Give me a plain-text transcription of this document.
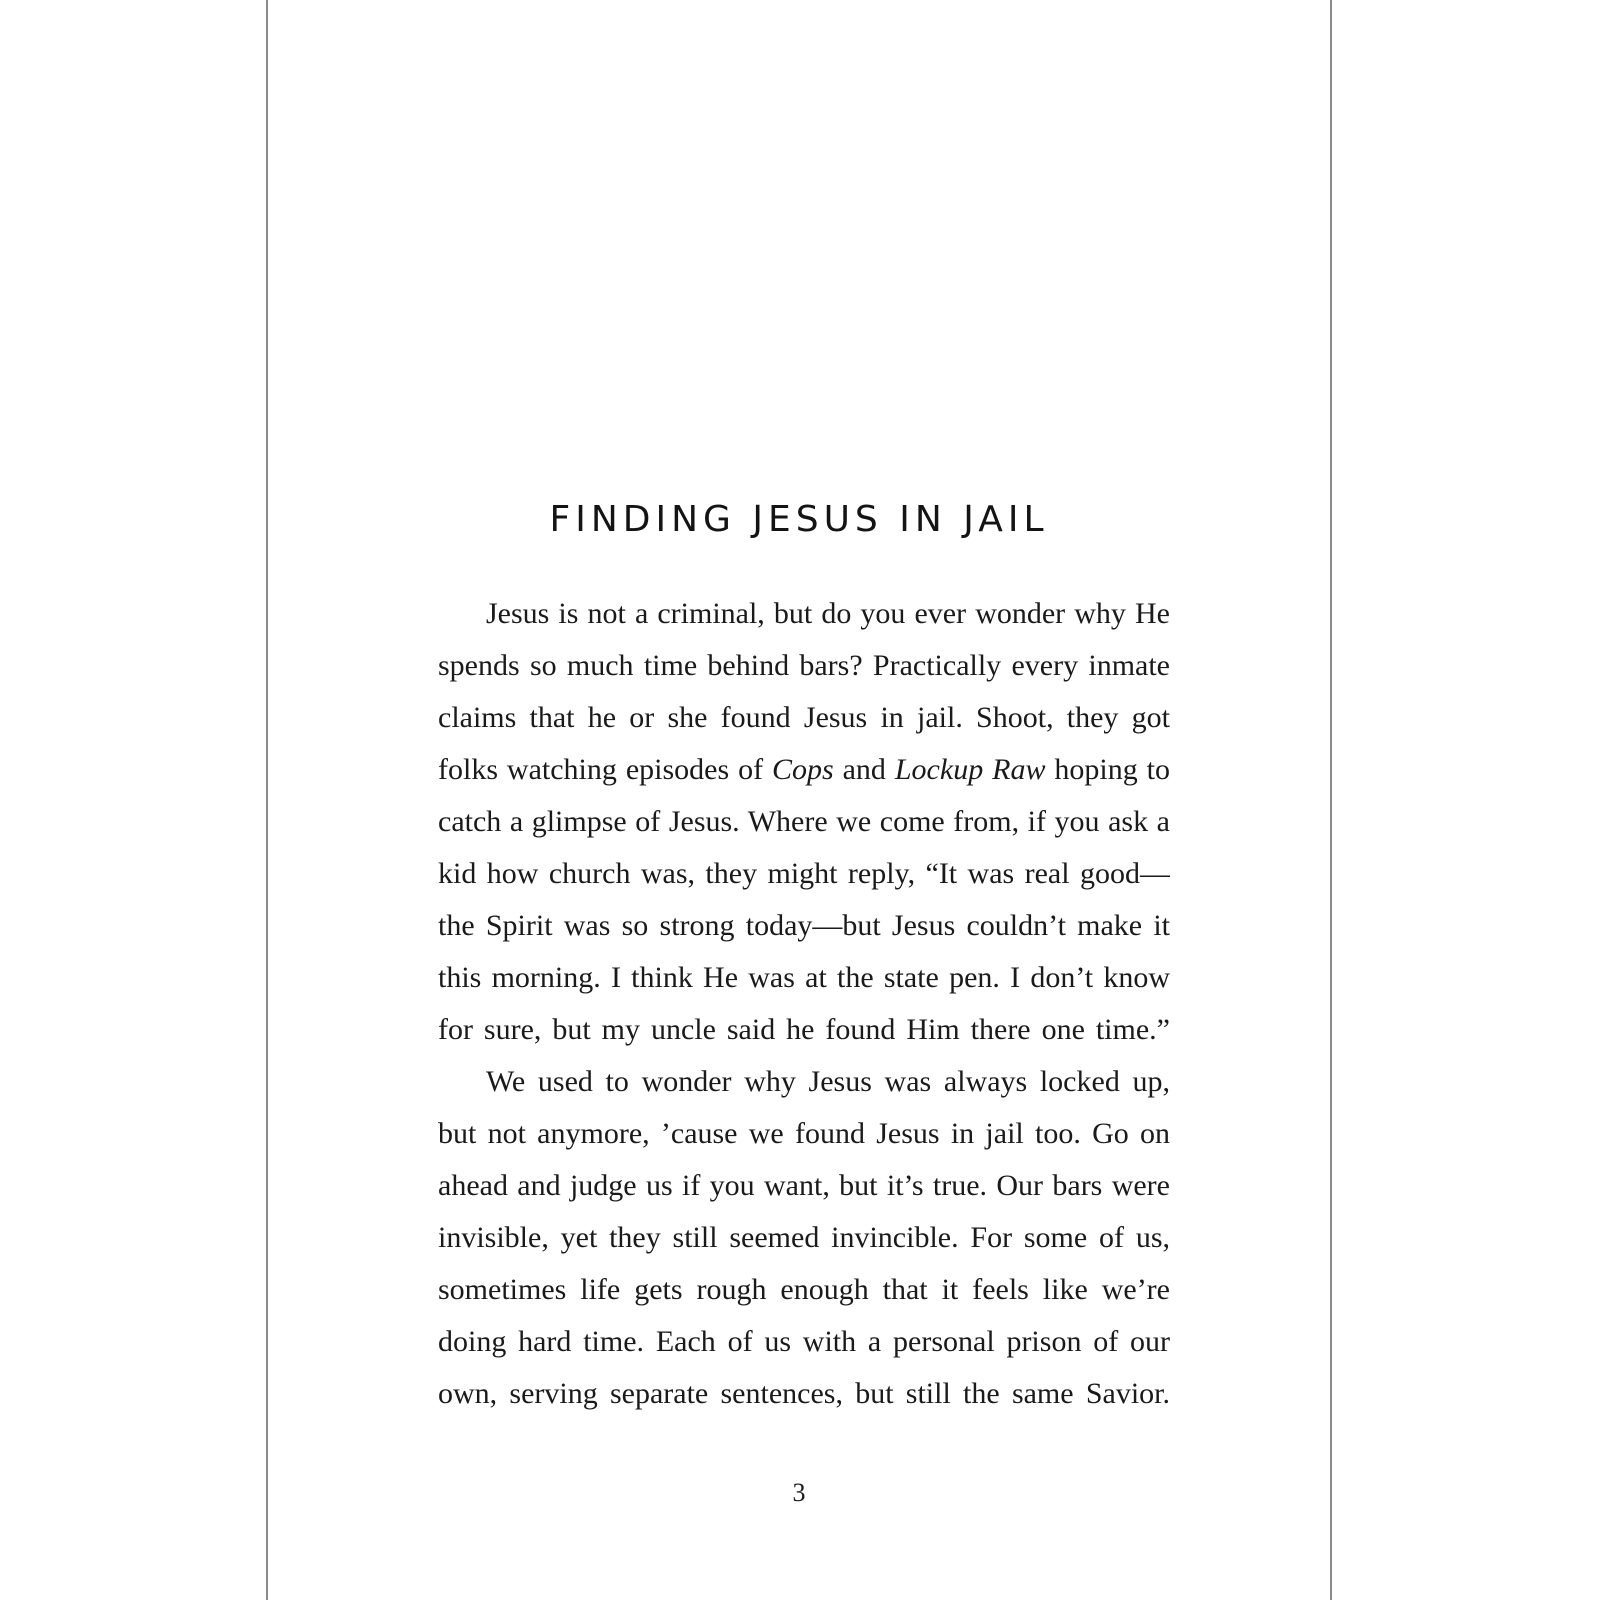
FINDING JESUS IN JAIL
Jesus is not a criminal, but do you ever wonder why He
spends so much time behind bars? Practically every inmate
claims that he or she found Jesus in jail. Shoot, they got
folks watching episodes of Cops and Lockup Raw hoping to
catch a glimpse of Jesus. Where we come from, if you ask a
kid how church was, they might reply, “It was real good—
the Spirit was so strong today—but Jesus couldn’t make it
this morning. I think He was at the state pen. I don’t know
for sure, but my uncle said he found Him there one time.”
We used to wonder why Jesus was always locked up,
but not anymore, ’cause we found Jesus in jail too. Go on
ahead and judge us if you want, but it’s true. Our bars were
invisible, yet they still seemed invincible. For some of us,
sometimes life gets rough enough that it feels like we’re
doing hard time. Each of us with a personal prison of our
own, serving separate sentences, but still the same Savior.
3
